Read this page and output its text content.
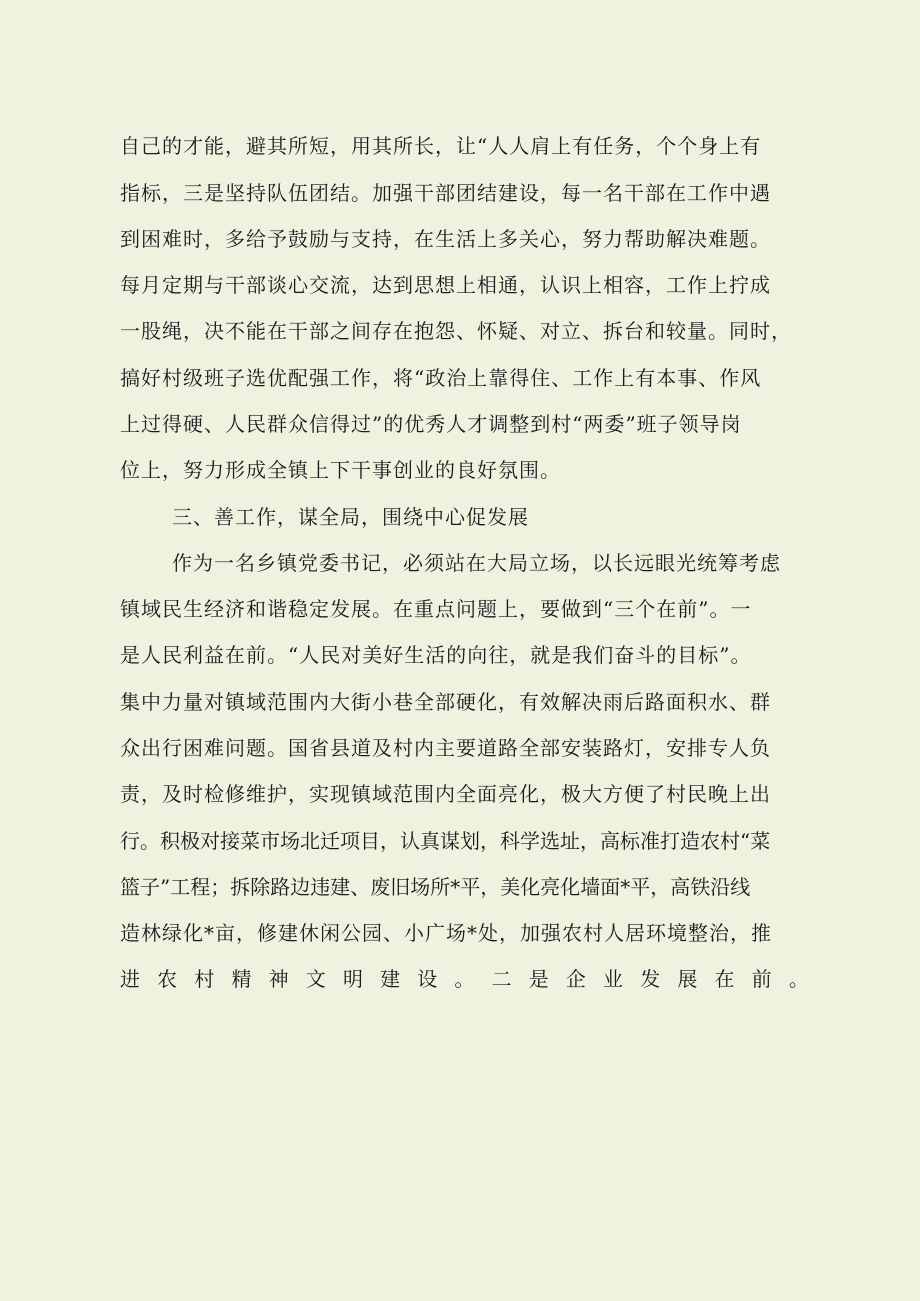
自己的才能，避其所短，用其所长，让“人人肩上有任务，个个身上有
指标，三是坚持队伍团结。加强干部团结建设，每一名干部在工作中遇
到困难时，多给予鼓励与支持，在生活上多关心，努力帮助解决难题。
每月定期与干部谈心交流，达到思想上相通，认识上相容，工作上拧成
一股绳，决不能在干部之间存在抱怨、怀疑、对立、拆台和较量。同时，
搞好村级班子选优配强工作，将“政治上靠得住、工作上有本事、作风
上过得硬、人民群众信得过”的优秀人才调整到村“两委”班子领导岗
位上，努力形成全镇上下干事创业的良好氛围。
三、善工作，谋全局，围绕中心促发展
作为一名乡镇党委书记，必须站在大局立场，以长远眼光统筹考虑
镇域民生经济和谐稳定发展。在重点问题上，要做到“三个在前”。一
是人民利益在前。“人民对美好生活的向往，就是我们奋斗的目标”。
集中力量对镇域范围内大街小巷全部硬化，有效解决雨后路面积水、群
众出行困难问题。国省县道及村内主要道路全部安装路灯，安排专人负
责，及时检修维护，实现镇域范围内全面亮化，极大方便了村民晚上出
行。积极对接菜市场北迁项目，认真谋划，科学选址，高标准打造农村“菜
篮子”工程；拆除路边违建、废旧场所*平，美化亮化墙面*平，高铁沿线
造林绿化*亩，修建休闲公园、小广场*处，加强农村人居环境整治，推
进 农 村 精 神 文 明 建 设 。 二 是 企 业 发 展 在 前 。
